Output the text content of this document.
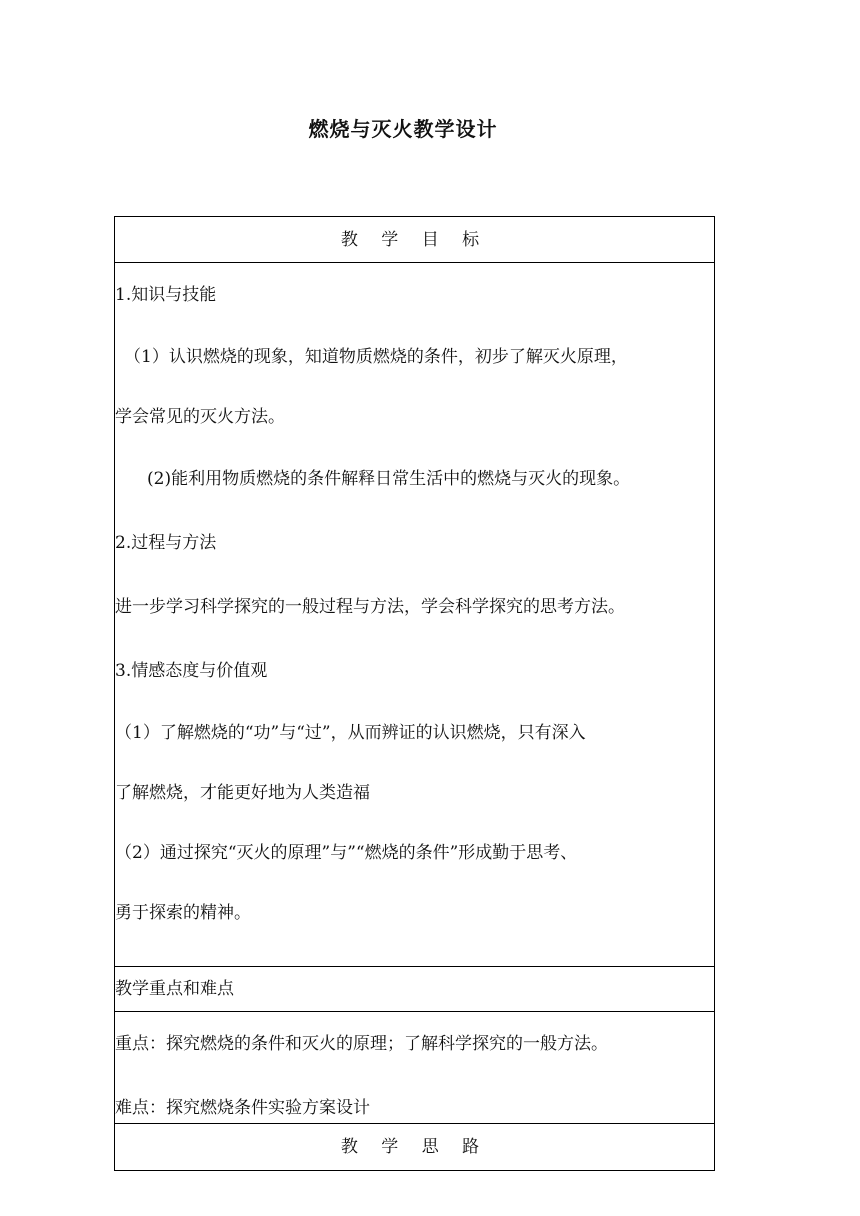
燃烧与灭火教学设计
教 学 目 标
1.知识与技能
（1）认识燃烧的现象，知道物质燃烧的条件，初步了解灭火原理，
学会常见的灭火方法。
(2)能利用物质燃烧的条件解释日常生活中的燃烧与灭火的现象。
2.过程与方法
进一步学习科学探究的一般过程与方法，学会科学探究的思考方法。
3.情感态度与价值观
（1）了解燃烧的“功”与“过”，从而辨证的认识燃烧，只有深入
了解燃烧，才能更好地为人类造福
（2）通过探究“灭火的原理”与”“燃烧的条件”形成勤于思考、
勇于探索的精神。
教学重点和难点
重点：探究燃烧的条件和灭火的原理；了解科学探究的一般方法。
难点：探究燃烧条件实验方案设计
教 学 思 路
